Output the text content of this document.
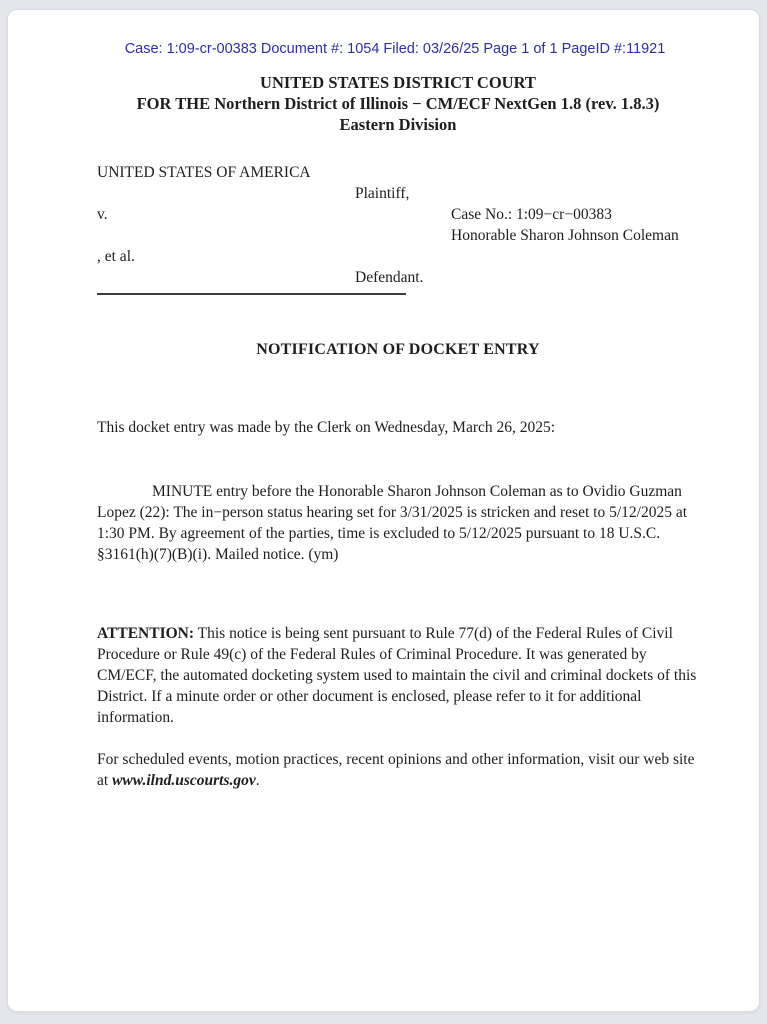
Case: 1:09-cr-00383 Document #: 1054 Filed: 03/26/25 Page 1 of 1 PageID #:11921
UNITED STATES DISTRICT COURT
FOR THE Northern District of Illinois − CM/ECF NextGen 1.8 (rev. 1.8.3)
Eastern Division
UNITED STATES OF AMERICA
Plaintiff,
v.	Case No.: 1:09−cr−00383
Honorable Sharon Johnson Coleman
, et al.
Defendant.
NOTIFICATION OF DOCKET ENTRY

This docket entry was made by the Clerk on Wednesday, March 26, 2025:

MINUTE entry before the Honorable Sharon Johnson Coleman as to Ovidio Guzman Lopez (22): The in−person status hearing set for 3/31/2025 is stricken and reset to 5/12/2025 at 1:30 PM. By agreement of the parties, time is excluded to 5/12/2025 pursuant to 18 U.S.C. §3161(h)(7)(B)(i). Mailed notice. (ym)

ATTENTION: This notice is being sent pursuant to Rule 77(d) of the Federal Rules of Civil Procedure or Rule 49(c) of the Federal Rules of Criminal Procedure. It was generated by CM/ECF, the automated docketing system used to maintain the civil and criminal dockets of this District. If a minute order or other document is enclosed, please refer to it for additional information.

For scheduled events, motion practices, recent opinions and other information, visit our web site at www.ilnd.uscourts.gov.
